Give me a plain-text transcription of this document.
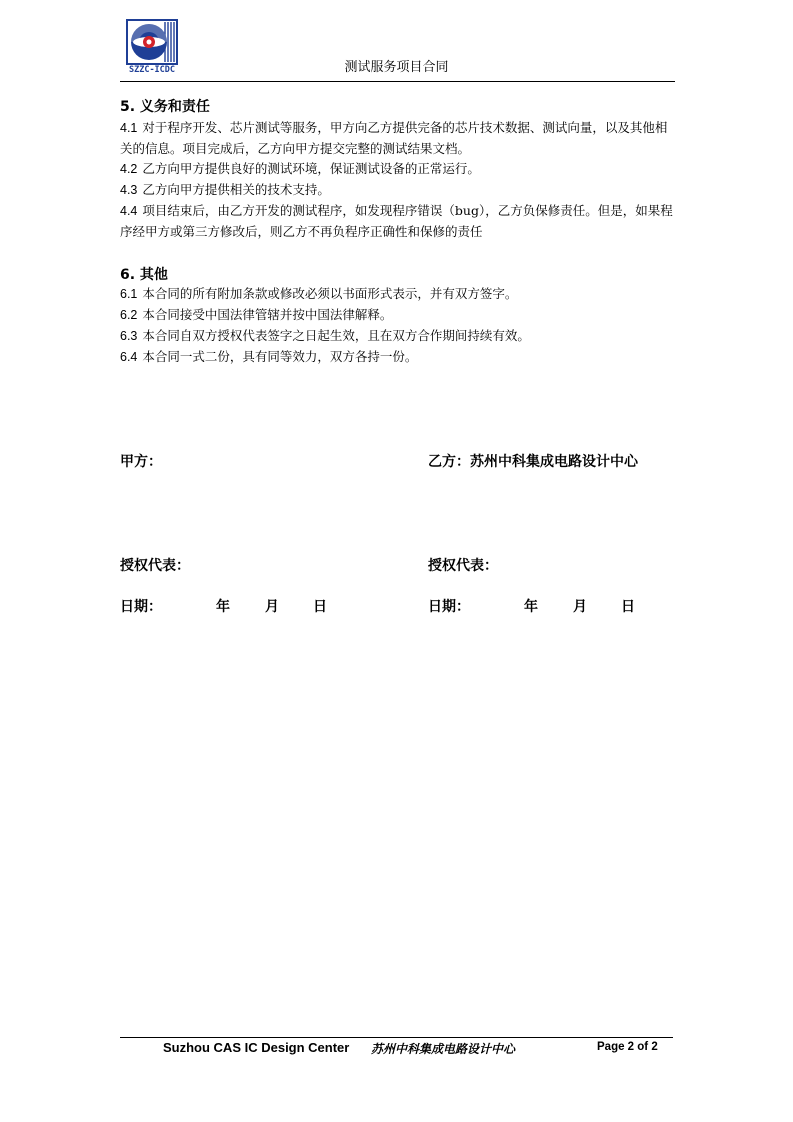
SZZC-ICDC	测试服务项目合同
5. 义务和责任
4.1 对于程序开发、芯片测试等服务，甲方向乙方提供完备的芯片技术数据、测试向量，以及其他相关的信息。项目完成后，乙方向甲方提交完整的测试结果文档。
4.2 乙方向甲方提供良好的测试环境，保证测试设备的正常运行。
4.3 乙方向甲方提供相关的技术支持。
4.4 项目结束后，由乙方开发的测试程序，如发现程序错误（bug），乙方负保修责任。但是，如果程序经甲方或第三方修改后，则乙方不再负程序正确性和保修的责任
6. 其他
6.1 本合同的所有附加条款或修改必须以书面形式表示，并有双方签字。
6.2 本合同接受中国法律管辖并按中国法律解释。
6.3 本合同自双方授权代表签字之日起生效，且在双方合作期间持续有效。
6.4 本合同一式二份，具有同等效力，双方各持一份。
甲方：	乙方：苏州中科集成电路设计中心
授权代表：	授权代表：
日期：	年	月 日	日期：	年	月 日
Suzhou CAS IC Design Center 苏州中科集成电路设计中心	Page 2 of 2
